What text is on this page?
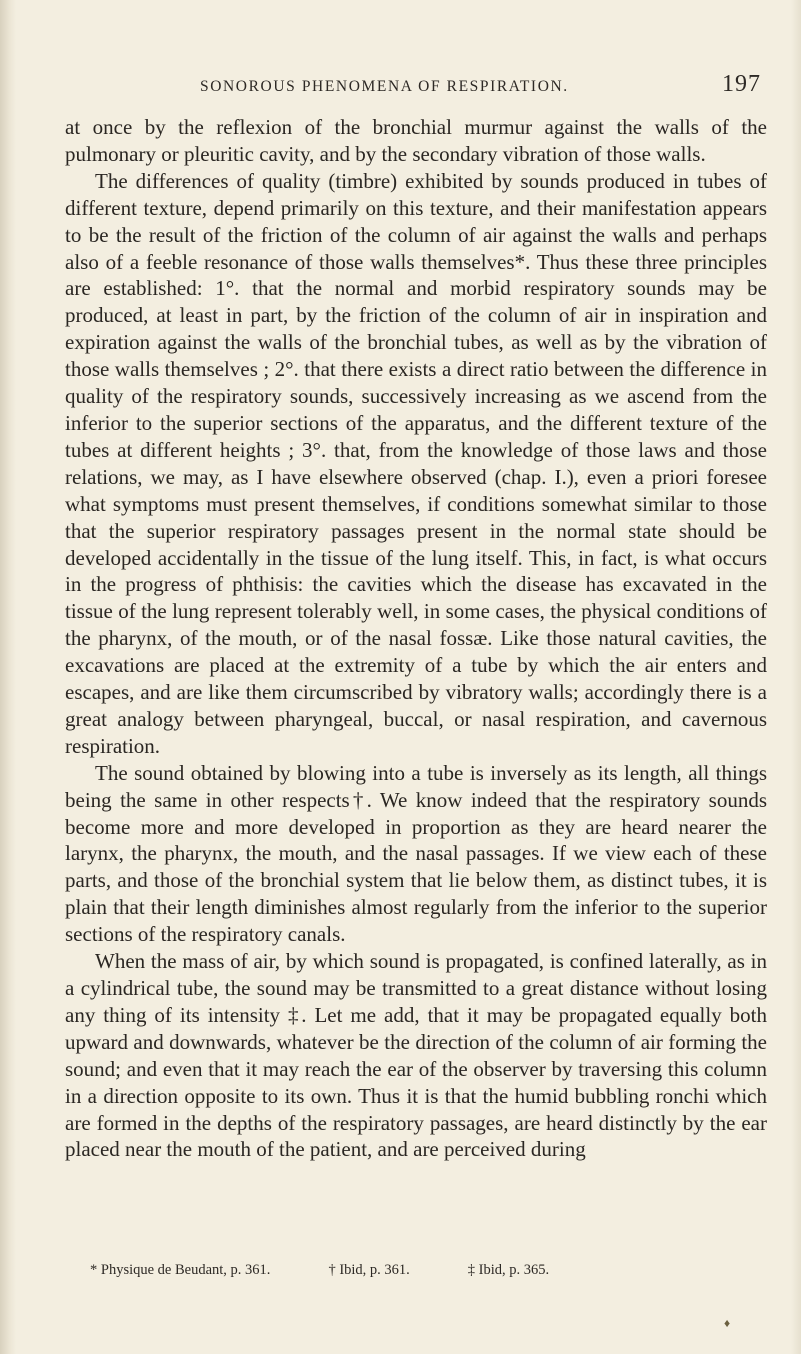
SONOROUS PHENOMENA OF RESPIRATION.	197

at once by the reflexion of the bronchial murmur against the walls of the pulmonary or pleuritic cavity, and by the secondary vibration of those walls.

The differences of quality (timbre) exhibited by sounds produced in tubes of different texture, depend primarily on this texture, and their manifestation appears to be the result of the friction of the column of air against the walls and perhaps also of a feeble resonance of those walls themselves*. Thus these three principles are established: 1°. that the normal and morbid respiratory sounds may be produced, at least in part, by the friction of the column of air in inspiration and expiration against the walls of the bronchial tubes, as well as by the vibration of those walls themselves ; 2°. that there exists a direct ratio between the difference in quality of the respiratory sounds, successively increasing as we ascend from the inferior to the superior sections of the apparatus, and the different texture of the tubes at different heights ; 3°. that, from the knowledge of those laws and those relations, we may, as I have elsewhere observed (chap. I.), even a priori foresee what symptoms must present themselves, if conditions somewhat similar to those that the superior respiratory passages present in the normal state should be developed accidentally in the tissue of the lung itself. This, in fact, is what occurs in the progress of phthisis: the cavities which the disease has excavated in the tissue of the lung represent tolerably well, in some cases, the physical conditions of the pharynx, of the mouth, or of the nasal fossæ. Like those natural cavities, the excavations are placed at the extremity of a tube by which the air enters and escapes, and are like them circumscribed by vibratory walls; accordingly there is a great analogy between pharyngeal, buccal, or nasal respiration, and cavernous respiration.

The sound obtained by blowing into a tube is inversely as its length, all things being the same in other respects†. We know indeed that the respiratory sounds become more and more developed in proportion as they are heard nearer the larynx, the pharynx, the mouth, and the nasal passages. If we view each of these parts, and those of the bronchial system that lie below them, as distinct tubes, it is plain that their length diminishes almost regularly from the inferior to the superior sections of the respiratory canals.

When the mass of air, by which sound is propagated, is confined laterally, as in a cylindrical tube, the sound may be transmitted to a great distance without losing any thing of its intensity ‡. Let me add, that it may be propagated equally both upward and downwards, whatever be the direction of the column of air forming the sound; and even that it may reach the ear of the observer by traversing this column in a direction opposite to its own. Thus it is that the humid bubbling ronchi which are formed in the depths of the respiratory passages, are heard distinctly by the ear placed near the mouth of the patient, and are perceived during

* Physique de Beudant, p. 361.	† Ibid, p. 361.	‡ Ibid, p. 365.
♦
